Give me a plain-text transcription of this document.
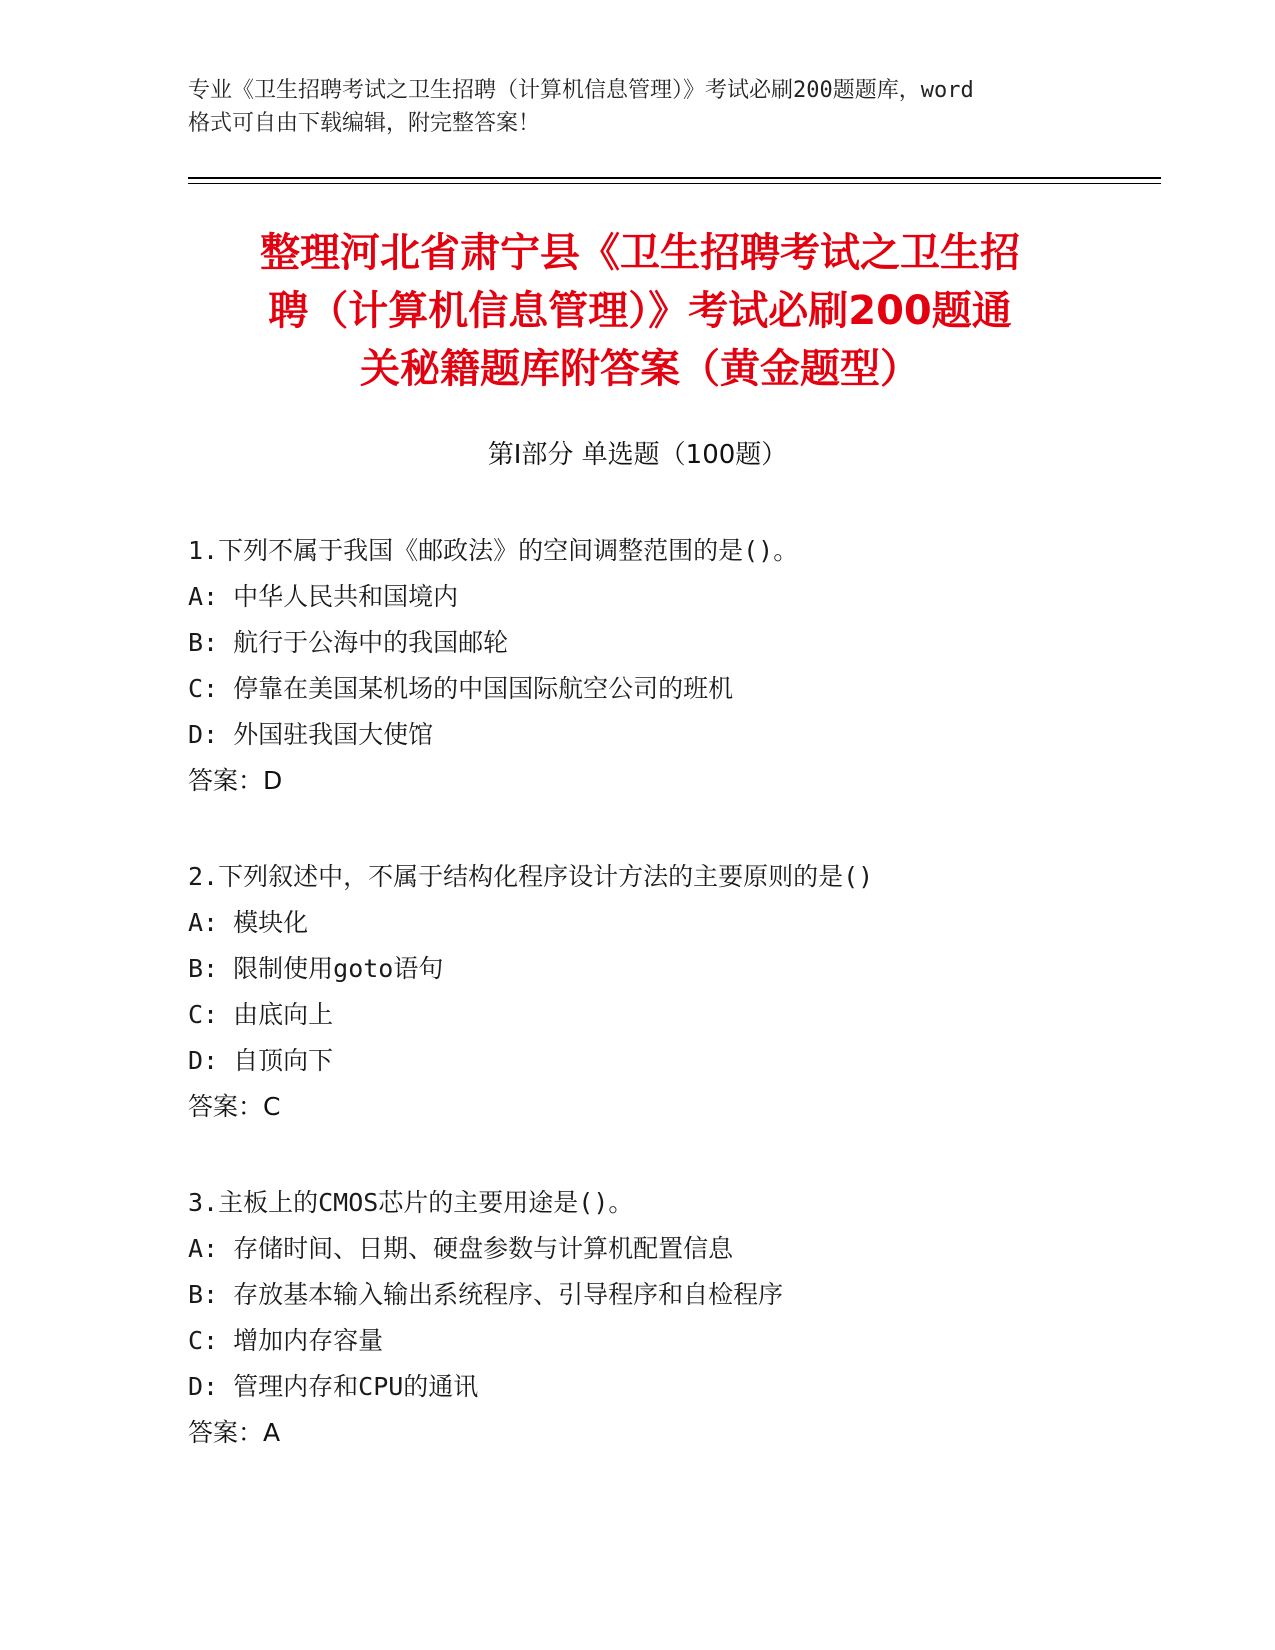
专业《卫生招聘考试之卫生招聘（计算机信息管理）》考试必刷200题题库，word
格式可自由下载编辑，附完整答案！
整理河北省肃宁县《卫生招聘考试之卫生招
聘（计算机信息管理）》考试必刷200题通
关秘籍题库附答案（黄金题型）
第Ⅰ部分 单选题（100题）
1.下列不属于我国《邮政法》的空间调整范围的是()。
A: 中华人民共和国境内
B: 航行于公海中的我国邮轮
C: 停靠在美国某机场的中国国际航空公司的班机
D: 外国驻我国大使馆
答案：D
2.下列叙述中，不属于结构化程序设计方法的主要原则的是()
A: 模块化
B: 限制使用goto语句
C: 由底向上
D: 自顶向下
答案：C
3.主板上的CMOS芯片的主要用途是()。
A: 存储时间、日期、硬盘参数与计算机配置信息
B: 存放基本输入输出系统程序、引导程序和自检程序
C: 增加内存容量
D: 管理内存和CPU的通讯
答案：A
